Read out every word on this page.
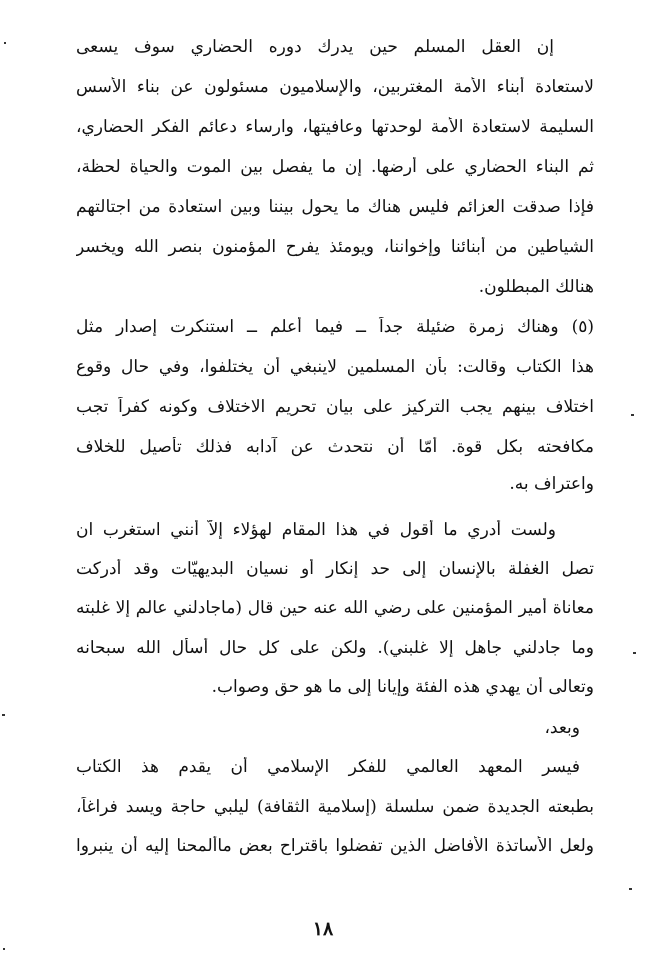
إن العقل المسلم حين يدرك دوره الحضاري سوف يسعى
لاستعادة أبناء الأمة المغتربين، والإسلاميون مسئولون عن بناء الأسس
السليمة لاستعادة الأمة لوحدتها وعافيتها، وارساء دعائم الفكر الحضاري،
ثم البناء الحضاري على أرضها. إن ما يفصل بين الموت والحياة لحظة،
فإذا صدقت العزائم فليس هناك ما يحول بيننا وبين استعادة من اجتالتهم
الشياطين من أبنائنا وإخواننا، ويومئذ يفرح المؤمنون بنصر الله ويخسر
هنالك المبطلون.
(٥) وهناك زمرة ضئيلة جداً ــ فيما أعلم ــ استنكرت إصدار مثل
هذا الكتاب وقالت: بأن المسلمين لاينبغي أن يختلفوا، وفي حال وقوع
اختلاف بينهم يجب التركيز على بيان تحريم الاختلاف وكونه كفراً تجب
مكافحته بكل قوة. أمّا أن نتحدث عن آدابه فذلك تأصيل للخلاف
واعتراف به.
ولست أدري ما أقول في هذا المقام لهؤلاء إلاّ أنني استغرب ان
تصل الغفلة بالإنسان إلى حد إنكار أو نسيان البديهيّات وقد أدركت
معاناة أمير المؤمنين على رضي الله عنه حين قال (ماجادلني عالم إلا غلبته
وما جادلني جاهل إلا غلبني). ولكن على كل حال أسأل الله سبحانه
وتعالى أن يهدي هذه الفئة وإيانا إلى ما هو حق وصواب.
وبعد،
فيسر المعهد العالمي للفكر الإسلامي أن يقدم هذ الكتاب
بطبعته الجديدة ضمن سلسلة (إسلامية الثقافة) ليلبي حاجة ويسد فراغاً،
ولعل الأساتذة الأفاضل الذين تفضلوا باقتراح بعض ماألمحنا إليه أن ينبروا
١٨
